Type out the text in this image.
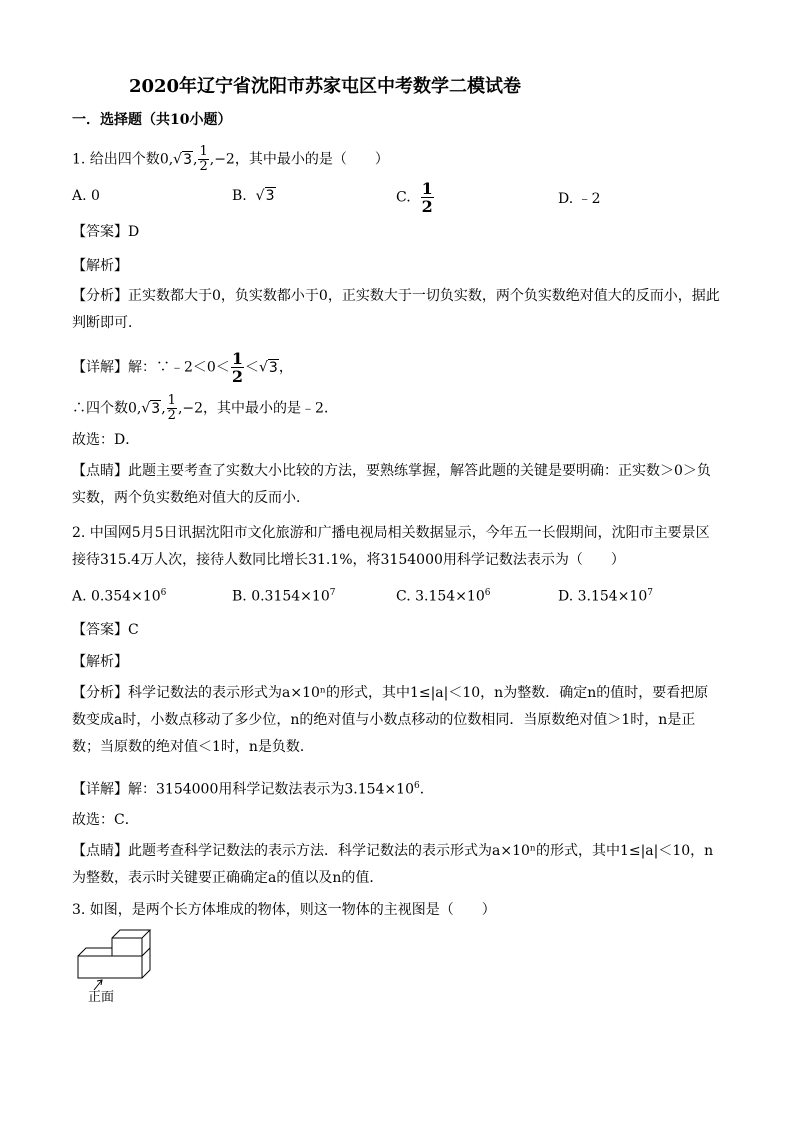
2020年辽宁省沈阳市苏家屯区中考数学二模试卷
一．选择题（共10小题）
1. 给出四个数0,√3, $\frac{1}{2} ,-2$，其中最小的是（　　）
A. 0	B. √3	C. $\frac{1}{2}$	D. ﹣2
【答案】D
【解析】
【分析】正实数都大于0，负实数都小于0，正实数大于一切负实数，两个负实数绝对值大的反而小，据此判断即可．
【详解】解：∵﹣2＜0＜ $\frac{1}{2} <√3$，
∴四个数0,√3, $\frac{1}{2} ,-2$，其中最小的是﹣2．
故选：D．
【点睛】此题主要考查了实数大小比较的方法，要熟练掌握，解答此题的关键是要明确：正实数＞0＞负实数，两个负实数绝对值大的反而小．
2. 中国网5月5日讯据沈阳市文化旅游和广播电视局相关数据显示，今年五一长假期间，沈阳市主要景区接待315.4万人次，接待人数同比增长31.1%，将3154000用科学记数法表示为（　　）
A. $0.354\times 10^6$	B. $0.3154\times 10^7$	C. $3.154\times 10^6$	D. $3.154\times 10^7$
【答案】C
【解析】
【分析】科学记数法的表示形式为a×10ⁿ的形式，其中1≤|a|＜10，n为整数．确定n的值时，要看把原数变成a时，小数点移动了多少位，n的绝对值与小数点移动的位数相同．当原数绝对值＞1时，n是正数；当原数的绝对值＜1时，n是负数．
【详解】解：3154000用科学记数法表示为$3.154\times 10^6$．
故选：C．
【点睛】此题考查科学记数法的表示方法．科学记数法的表示形式为a×10ⁿ的形式，其中1≤|a|＜10，n为整数，表示时关键要正确确定a的值以及n的值．
3. 如图，是两个长方体堆成的物体，则这一物体的主视图是（　　）
正面
